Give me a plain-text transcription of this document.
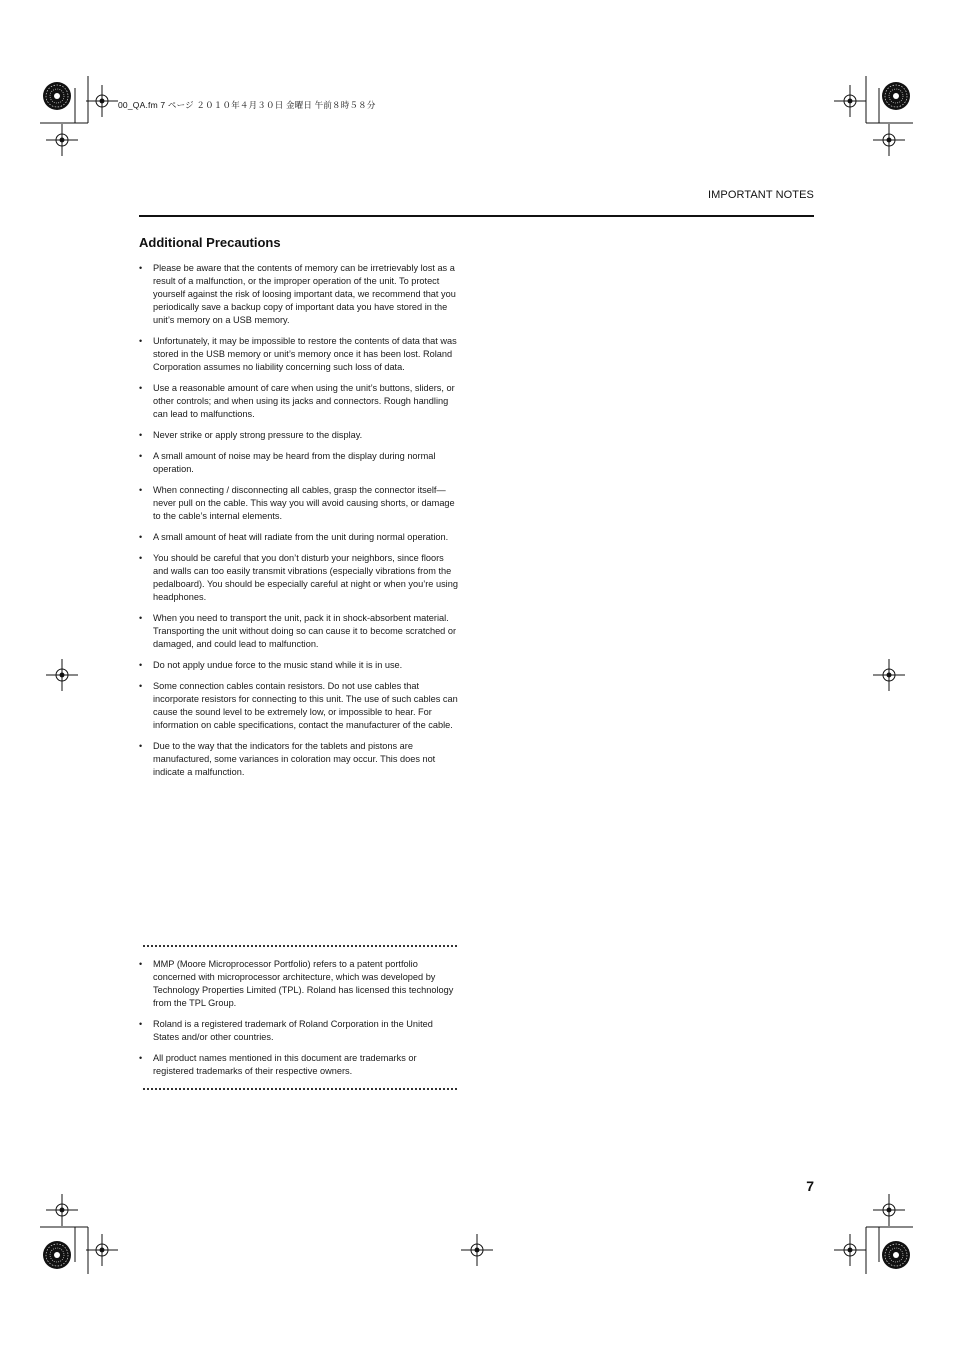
00_QA.fm 7 ページ ２０１０年４月３０日 金曜日 午前８時５８分
IMPORTANT NOTES
Additional Precautions
• Please be aware that the contents of memory can be irretrievably lost as a result of a malfunction, or the improper operation of the unit. To protect yourself against the risk of loosing important data, we recommend that you periodically save a backup copy of important data you have stored in the unit’s memory on a USB memory.
• Unfortunately, it may be impossible to restore the contents of data that was stored in the USB memory or unit’s memory once it has been lost. Roland Corporation assumes no liability concerning such loss of data.
• Use a reasonable amount of care when using the unit’s buttons, sliders, or other controls; and when using its jacks and connectors. Rough handling can lead to malfunctions.
• Never strike or apply strong pressure to the display.
• A small amount of noise may be heard from the display during normal operation.
• When connecting / disconnecting all cables, grasp the connector itself—never pull on the cable. This way you will avoid causing shorts, or damage to the cable’s internal elements.
• A small amount of heat will radiate from the unit during normal operation.
• You should be careful that you don’t disturb your neighbors, since floors and walls can too easily transmit vibrations (especially vibrations from the pedalboard). You should be especially careful at night or when you’re using headphones.
• When you need to transport the unit, pack it in shock-absorbent material. Transporting the unit without doing so can cause it to become scratched or damaged, and could lead to malfunction.
• Do not apply undue force to the music stand while it is in use.
• Some connection cables contain resistors. Do not use cables that incorporate resistors for connecting to this unit. The use of such cables can cause the sound level to be extremely low, or impossible to hear. For information on cable specifications, contact the manufacturer of the cable.
• Due to the way that the indicators for the tablets and pistons are manufactured, some variances in coloration may occur. This does not indicate a malfunction.
• MMP (Moore Microprocessor Portfolio) refers to a patent portfolio concerned with microprocessor architecture, which was developed by Technology Properties Limited (TPL). Roland has licensed this technology from the TPL Group.
• Roland is a registered trademark of Roland Corporation in the United States and/or other countries.
• All product names mentioned in this document are trademarks or registered trademarks of their respective owners.
7
